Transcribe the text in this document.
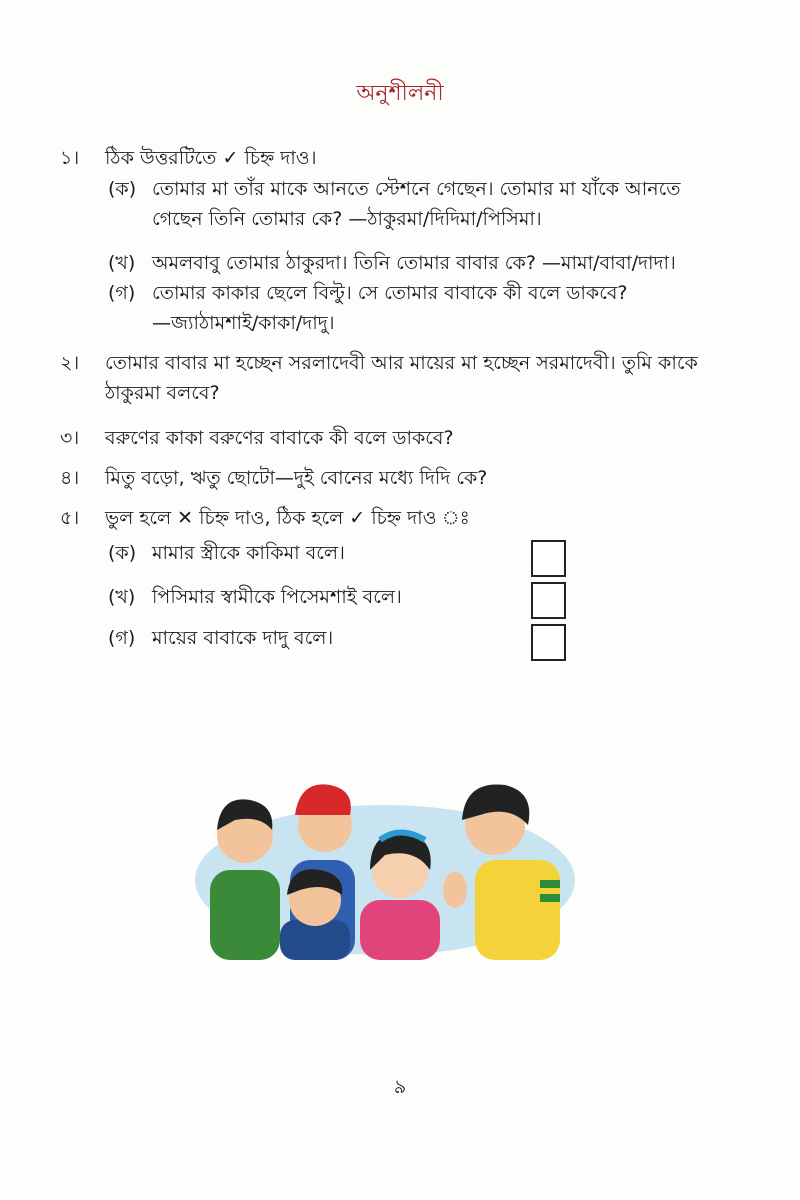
অনুশীলনী
১। ঠিক উত্তরটিতে ✓ চিহ্ন দাও।
(ক) তোমার মা তাঁর মাকে আনতে স্টেশনে গেছেন। তোমার মা যাঁকে আনতে
গেছেন তিনি তোমার কে? —ঠাকুরমা/দিদিমা/পিসিমা।
(খ) অমলবাবু তোমার ঠাকুরদা। তিনি তোমার বাবার কে? —মামা/বাবা/দাদা।
(গ) তোমার কাকার ছেলে বিল্টু। সে তোমার বাবাকে কী বলে ডাকবে?
—জ্যাঠামশাই/কাকা/দাদু।
২। তোমার বাবার মা হচ্ছেন সরলাদেবী আর মায়ের মা হচ্ছেন সরমাদেবী। তুমি কাকে
ঠাকুরমা বলবে?
৩। বরুণের কাকা বরুণের বাবাকে কী বলে ডাকবে?
৪। মিতু বড়ো, ঋতু ছোটো—দুই বোনের মধ্যে দিদি কে?
৫। ভুল হলে ✕ চিহ্ন দাও, ঠিক হলে ✓ চিহ্ন দাও ঃ
(ক) মামার স্ত্রীকে কাকিমা বলে।
(খ) পিসিমার স্বামীকে পিসেমশাই বলে।
(গ) মায়ের বাবাকে দাদু বলে।
৯
